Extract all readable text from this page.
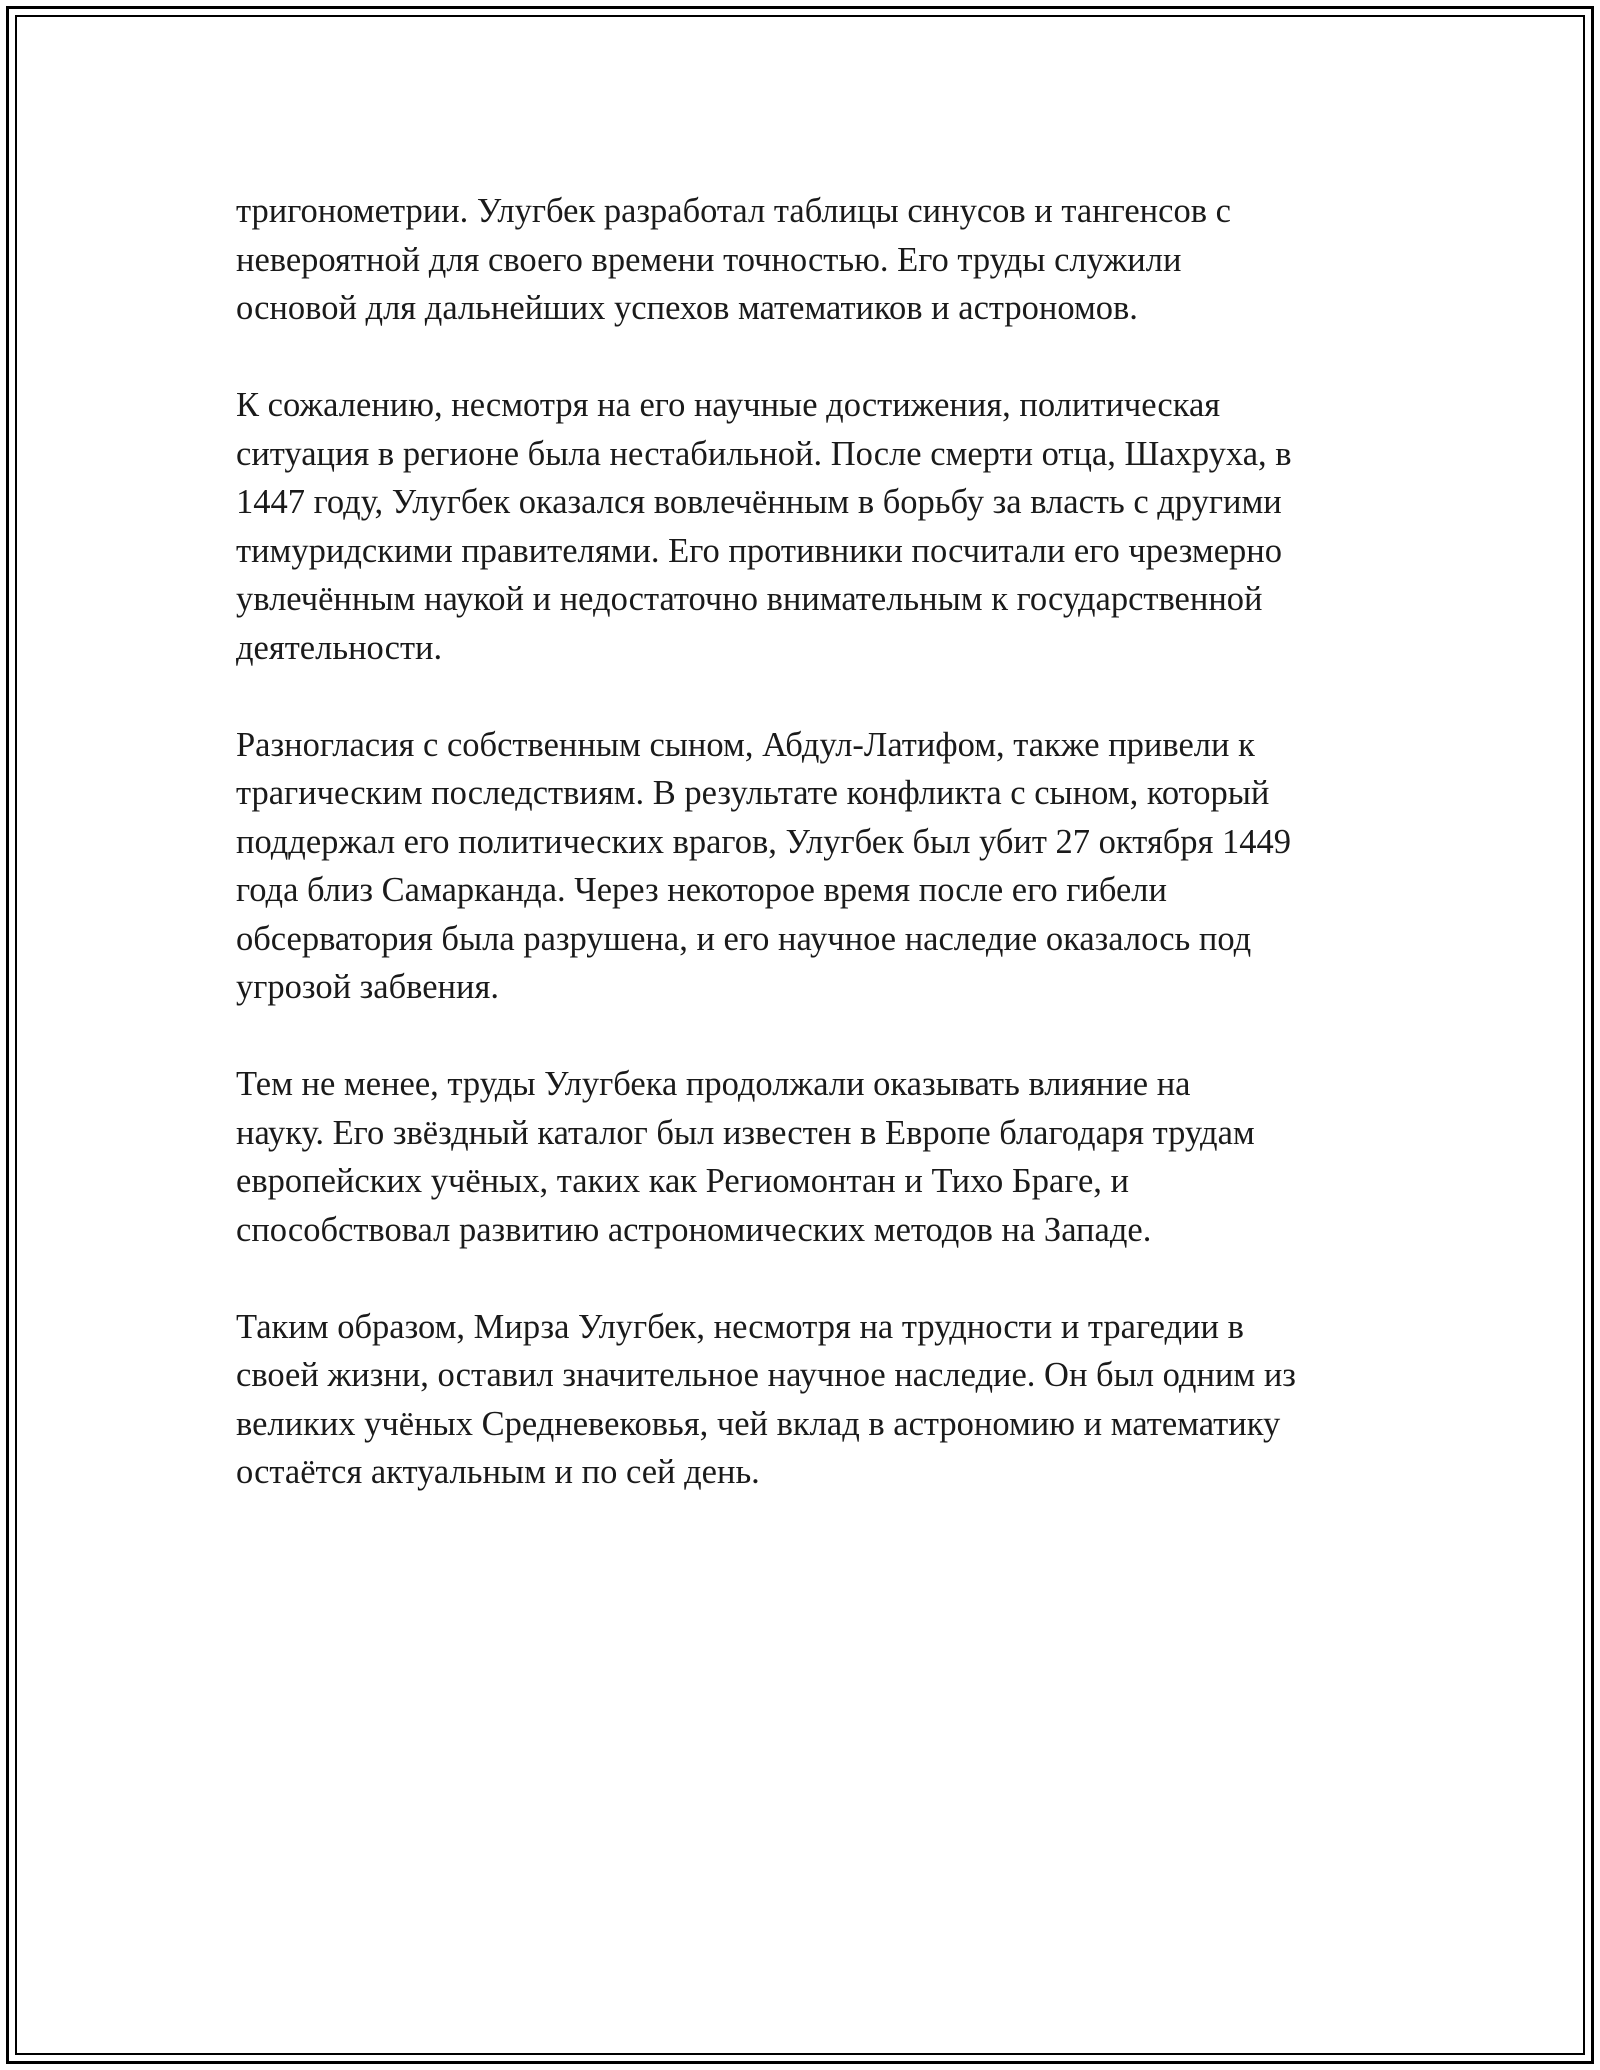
тригонометрии. Улугбек разработал таблицы синусов и тангенсов с
невероятной для своего времени точностью. Его труды служили
основой для дальнейших успехов математиков и астрономов.

К сожалению, несмотря на его научные достижения, политическая
ситуация в регионе была нестабильной. После смерти отца, Шахруха, в
1447 году, Улугбек оказался вовлечённым в борьбу за власть с другими
тимуридскими правителями. Его противники посчитали его чрезмерно
увлечённым наукой и недостаточно внимательным к государственной
деятельности.

Разногласия с собственным сыном, Абдул-Латифом, также привели к
трагическим последствиям. В результате конфликта с сыном, который
поддержал его политических врагов, Улугбек был убит 27 октября 1449
года близ Самарканда. Через некоторое время после его гибели
обсерватория была разрушена, и его научное наследие оказалось под
угрозой забвения.

Тем не менее, труды Улугбека продолжали оказывать влияние на
науку. Его звёздный каталог был известен в Европе благодаря трудам
европейских учёных, таких как Региомонтан и Тихо Браге, и
способствовал развитию астрономических методов на Западе.

Таким образом, Мирза Улугбек, несмотря на трудности и трагедии в
своей жизни, оставил значительное научное наследие. Он был одним из
великих учёных Средневековья, чей вклад в астрономию и математику
остаётся актуальным и по сей день.
